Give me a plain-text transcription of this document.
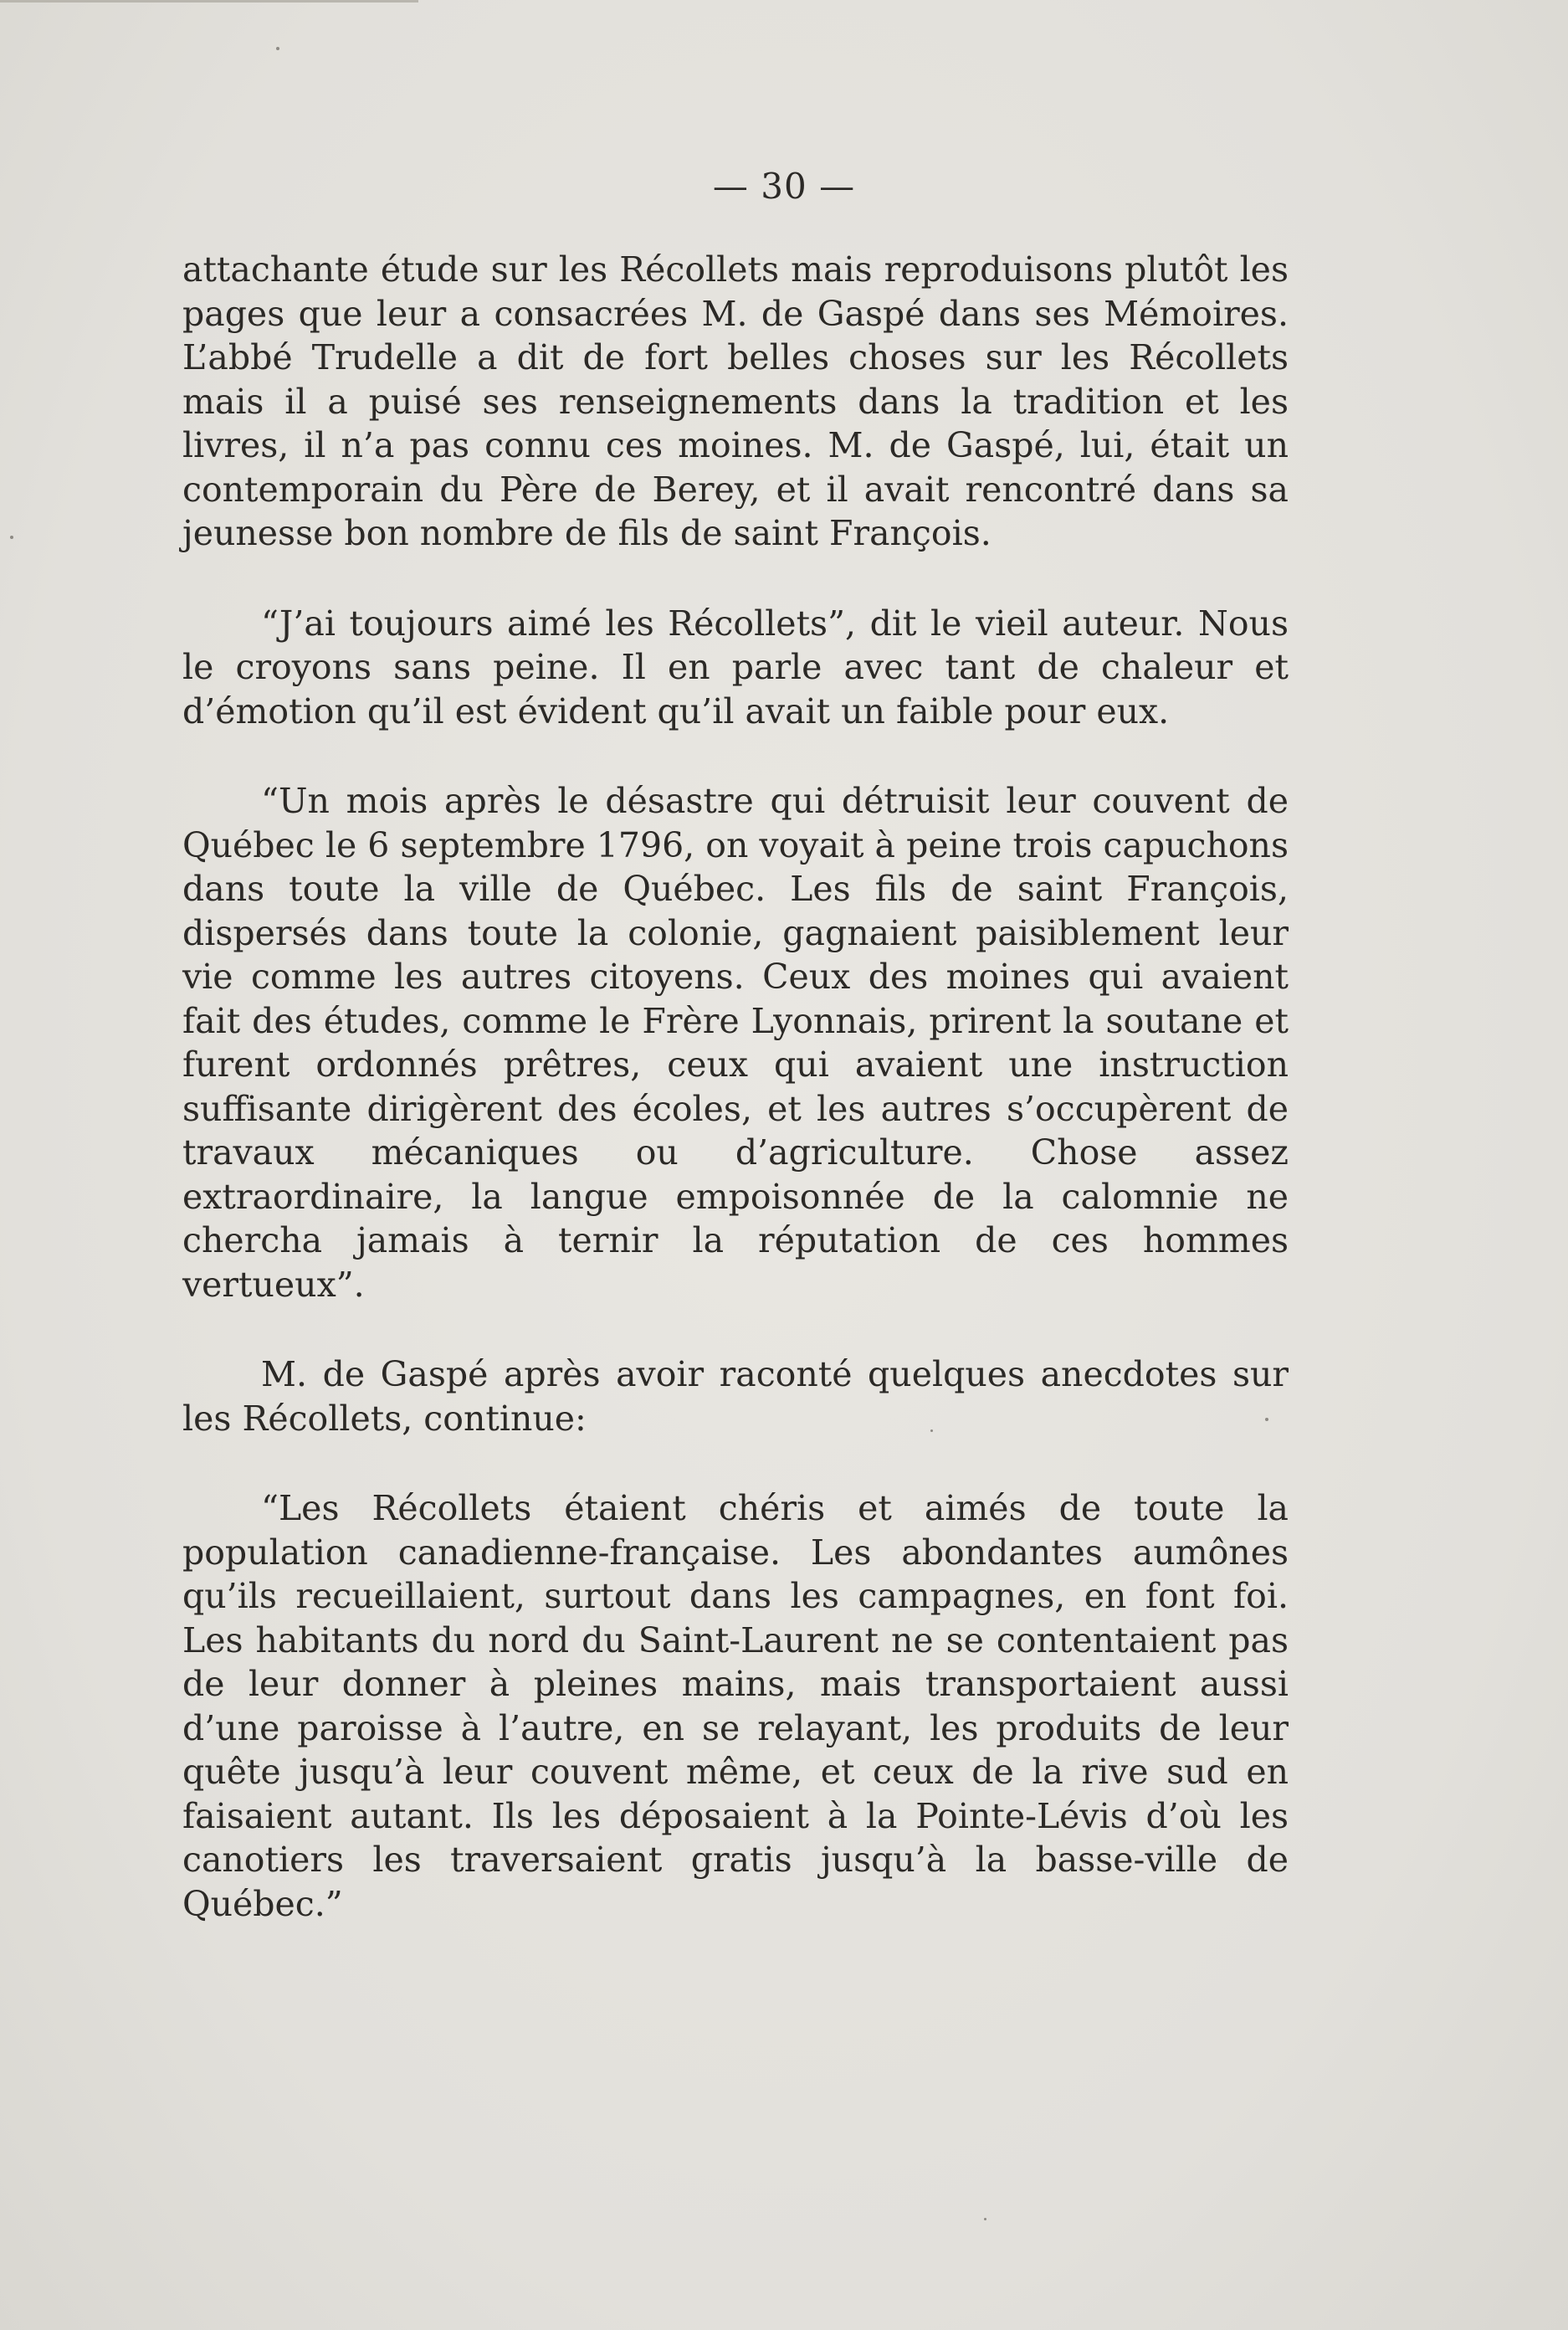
— 30 —

attachante étude sur les Récollets mais reproduisons plutôt les pages que leur a consacrées M. de Gaspé dans ses Mémoires. L’abbé Trudelle a dit de fort belles choses sur les Récollets mais il a puisé ses renseignements dans la tradition et les livres, il n’a pas connu ces moines. M. de Gaspé, lui, était un contemporain du Père de Berey, et il avait rencontré dans sa jeunesse bon nombre de fils de saint François.

“J’ai toujours aimé les Récollets”, dit le vieil auteur. Nous le croyons sans peine. Il en parle avec tant de chaleur et d’émotion qu’il est évident qu’il avait un faible pour eux.

“Un mois après le désastre qui détruisit leur couvent de Québec le 6 septembre 1796, on voyait à peine trois capuchons dans toute la ville de Québec. Les fils de saint François, dispersés dans toute la colonie, gagnaient paisiblement leur vie comme les autres citoyens. Ceux des moines qui avaient fait des études, comme le Frère Lyonnais, prirent la soutane et furent ordonnés prêtres, ceux qui avaient une instruction suffisante dirigèrent des écoles, et les autres s’occupèrent de travaux mécaniques ou d’agriculture. Chose assez extraordinaire, la langue empoisonnée de la calomnie ne chercha jamais à ternir la réputation de ces hommes vertueux”.

M. de Gaspé après avoir raconté quelques anecdotes sur les Récollets, continue:

“Les Récollets étaient chéris et aimés de toute la population canadienne-française. Les abondantes aumônes qu’ils recueillaient, surtout dans les campagnes, en font foi. Les habitants du nord du Saint-Laurent ne se contentaient pas de leur donner à pleines mains, mais transportaient aussi d’une paroisse à l’autre, en se relayant, les produits de leur quête jusqu’à leur couvent même, et ceux de la rive sud en faisaient autant. Ils les déposaient à la Pointe-Lévis d’où les canotiers les traversaient gratis jusqu’à la basse-ville de Québec.”
